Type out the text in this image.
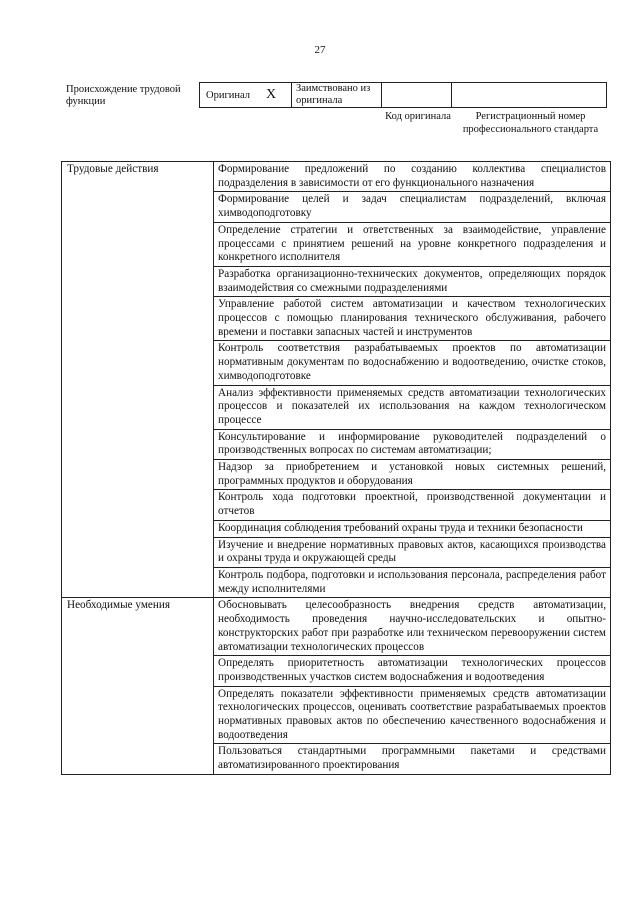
27
Происхождение трудовой функции
Оригинал X	Заимствовано из оригинала
Код оригинала	Регистрационный номер профессионального стандарта
Трудовые действия	Формирование предложений по созданию коллектива специалистов подразделения в зависимости от его функционального назначения
	Формирование целей и задач специалистам подразделений, включая химводоподготовку
	Определение стратегии и ответственных за взаимодействие, управление процессами с принятием решений на уровне конкретного подразделения и конкретного исполнителя
	Разработка организационно-технических документов, определяющих порядок взаимодействия со смежными подразделениями
	Управление работой систем автоматизации и качеством технологических процессов с помощью планирования технического обслуживания, рабочего времени и поставки запасных частей и инструментов
	Контроль соответствия разрабатываемых проектов по автоматизации нормативным документам по водоснабжению и водоотведению, очистке стоков, химводоподготовке
	Анализ эффективности применяемых средств автоматизации технологических процессов и показателей их использования на каждом технологическом процессе
	Консультирование и информирование руководителей подразделений о производственных вопросах по системам автоматизации;
	Надзор за приобретением и установкой новых системных решений, программных продуктов и оборудования
	Контроль хода подготовки проектной, производственной документации и отчетов
	Координация соблюдения требований охраны труда и техники безопасности
	Изучение и внедрение нормативных правовых актов, касающихся производства и охраны труда и окружающей среды
	Контроль подбора, подготовки и использования персонала, распределения работ между исполнителями
Необходимые умения	Обосновывать целесообразность внедрения средств автоматизации, необходимость проведения научно-исследовательских и опытно-конструкторских работ при разработке или техническом перевооружении систем автоматизации технологических процессов
	Определять приоритетность автоматизации технологических процессов производственных участков систем водоснабжения и водоотведения
	Определять показатели эффективности применяемых средств автоматизации технологических процессов, оценивать соответствие разрабатываемых проектов нормативных правовых актов по обеспечению качественного водоснабжения и водоотведения
	Пользоваться стандартными программными пакетами и средствами автоматизированного проектирования
